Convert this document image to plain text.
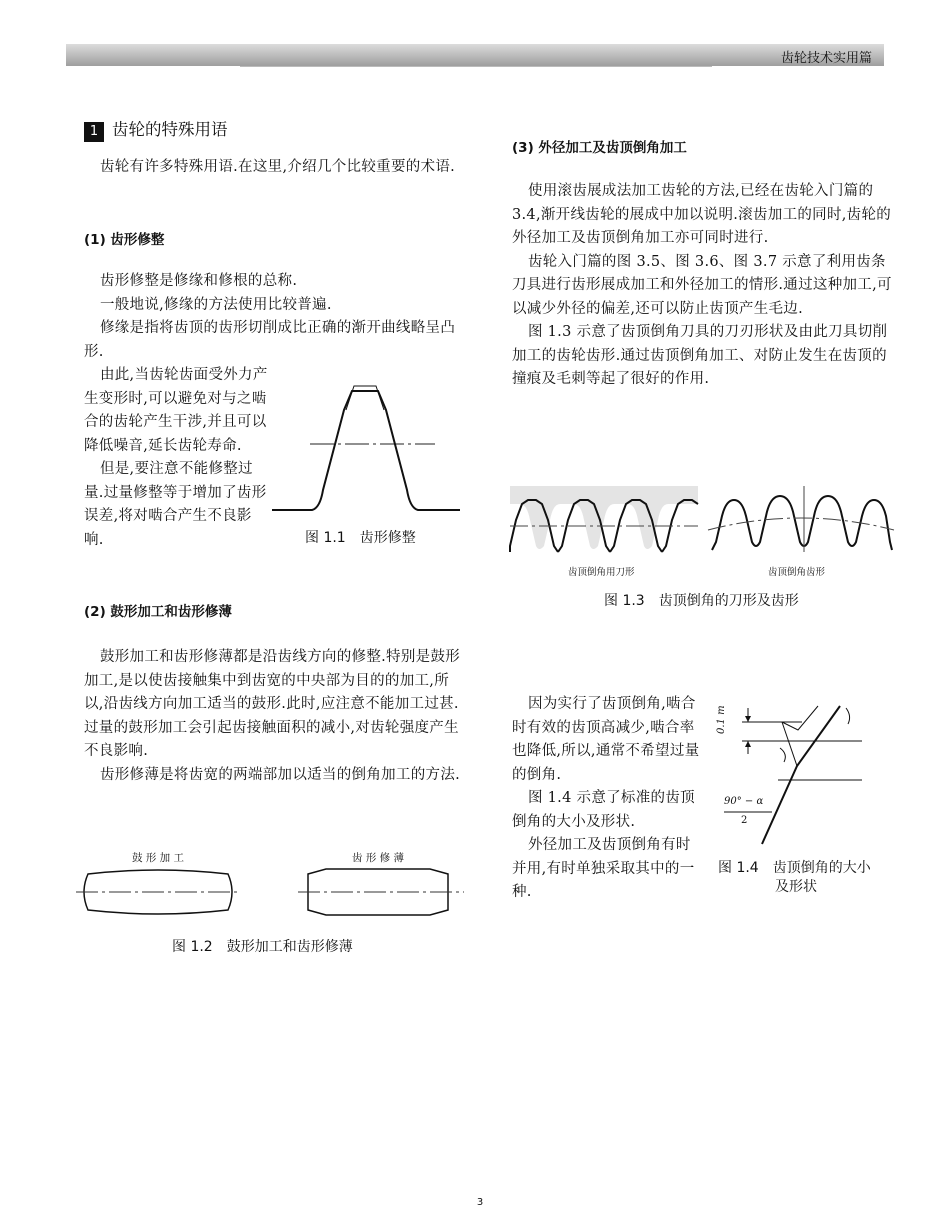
齿轮技术实用篇
1 齿轮的特殊用语

齿轮有许多特殊用语.在这里,介绍几个比较重要的术语.

(1) 齿形修整

齿形修整是修缘和修根的总称.

一般地说,修缘的方法使用比较普遍.

修缘是指将齿顶的齿形切削成比正确的渐开曲线略呈凸形.

由此,当齿轮齿面受外力产生变形时,可以避免对与之啮合的齿轮产生干涉,并且可以降低噪音,延长齿轮寿命.

但是,要注意不能修整过量.过量修整等于增加了齿形误差,将对啮合产生不良影响.	图 1.1　齿形修整
(2) 鼓形加工和齿形修薄

鼓形加工和齿形修薄都是沿齿线方向的修整.特别是鼓形加工,是以使齿接触集中到齿宽的中央部为目的的加工,所以,沿齿线方向加工适当的鼓形.此时,应注意不能加工过甚.过量的鼓形加工会引起齿接触面积的减小,对齿轮强度产生不良影响.

齿形修薄是将齿宽的两端部加以适当的倒角加工的方法.

鼓 形 加 工	齿 形 修 薄
图 1.2　鼓形加工和齿形修薄
(3) 外径加工及齿顶倒角加工

使用滚齿展成法加工齿轮的方法,已经在齿轮入门篇的 3.4,渐开线齿轮的展成中加以说明.滚齿加工的同时,齿轮的外径加工及齿顶倒角加工亦可同时进行.

齿轮入门篇的图 3.5、图 3.6、图 3.7 示意了利用齿条刀具进行齿形展成加工和外径加工的情形.通过这种加工,可以减少外径的偏差,还可以防止齿顶产生毛边.

图 1.3 示意了齿顶倒角刀具的刀刃形状及由此刀具切削加工的齿轮齿形.通过齿顶倒角加工、对防止发生在齿顶的撞痕及毛刺等起了很好的作用.

齿顶倒角用刀形	齿顶倒角齿形
图 1.3　齿顶倒角的刀形及齿形

因为实行了齿顶倒角,啮合时有效的齿顶高减少,啮合率也降低,所以,通常不希望过量的倒角.

图 1.4 示意了标准的齿顶倒角的大小及形状.

外径加工及齿顶倒角有时并用,有时单独采取其中的一种.

0.1 m
90° − α
2
图 1.4　齿顶倒角的大小
及形状
3
